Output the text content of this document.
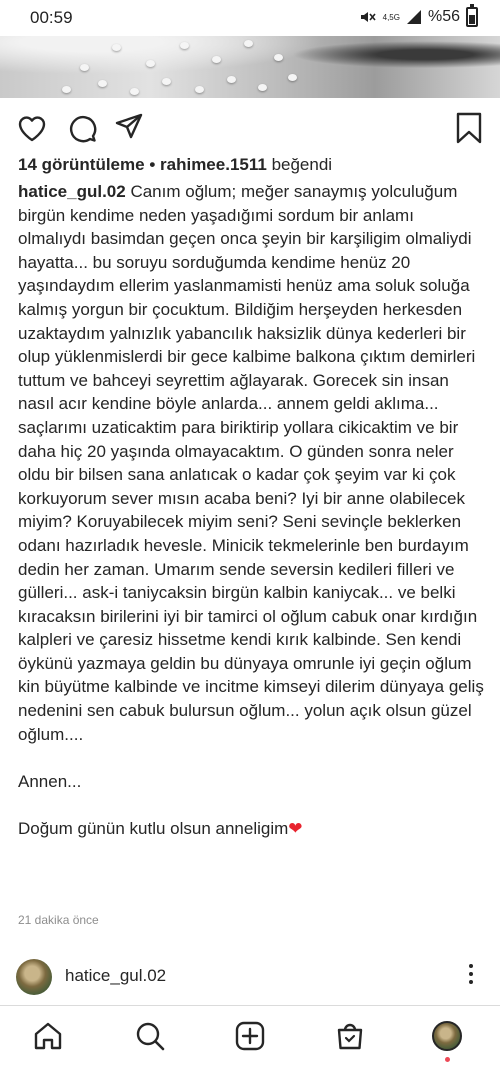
00:59	4,5G %56
14 görüntüleme • rahimee.1511 beğendi

hatice_gul.02 Canım oğlum; meğer sanaymış yolculuğum birgün kendime neden yaşadığımi sordum bir anlamı olmalıydı basimdan geçen onca şeyin bir karşiligim olmaliydi hayatta... bu soruyu sorduğumda kendime henüz 20 yaşındaydım ellerim yaslanmamisti henüz ama soluk soluğa kalmış yorgun bir çocuktum. Bildiğim herşeyden herkesden uzaktaydım yalnızlık yabancılık haksizlik dünya kederleri bir olup yüklenmislerdi bir gece kalbime balkona çıktım demirleri tuttum ve bahceyi seyrettim ağlayarak. Gorecek sin insan nasıl acır kendine böyle anlarda... annem geldi aklıma... saçlarımı uzaticaktim para biriktirip yollara cikicaktim ve bir daha hiç 20 yaşında olmayacaktım. O günden sonra neler oldu bir bilsen sana anlatıcak o kadar çok şeyim var ki çok korkuyorum sever mısın acaba beni? Iyi bir anne olabilecek miyim? Koruyabilecek miyim seni? Seni sevinçle beklerken odanı hazırladık hevesle. Minicik tekmelerinle ben burdayım dedin her zaman. Umarım sende seversin kedileri filleri ve gülleri... ask-i taniycaksin birgün kalbin kaniycak... ve belki kıracaksın birilerini iyi bir tamirci ol oğlum cabuk onar kırdığın kalpleri ve çaresiz hissetme kendi kırık kalbinde. Sen kendi öykünü yazmaya geldin bu dünyaya omrunle iyi geçin oğlum kin büyütme kalbinde ve incitme kimseyi dilerim dünyaya geliş nedenini sen cabuk bulursun oğlum... yolun açık olsun güzel oğlum....

Annen...

Doğum günün kutlu olsun anneligim❤

21 dakika önce
hatice_gul.02
